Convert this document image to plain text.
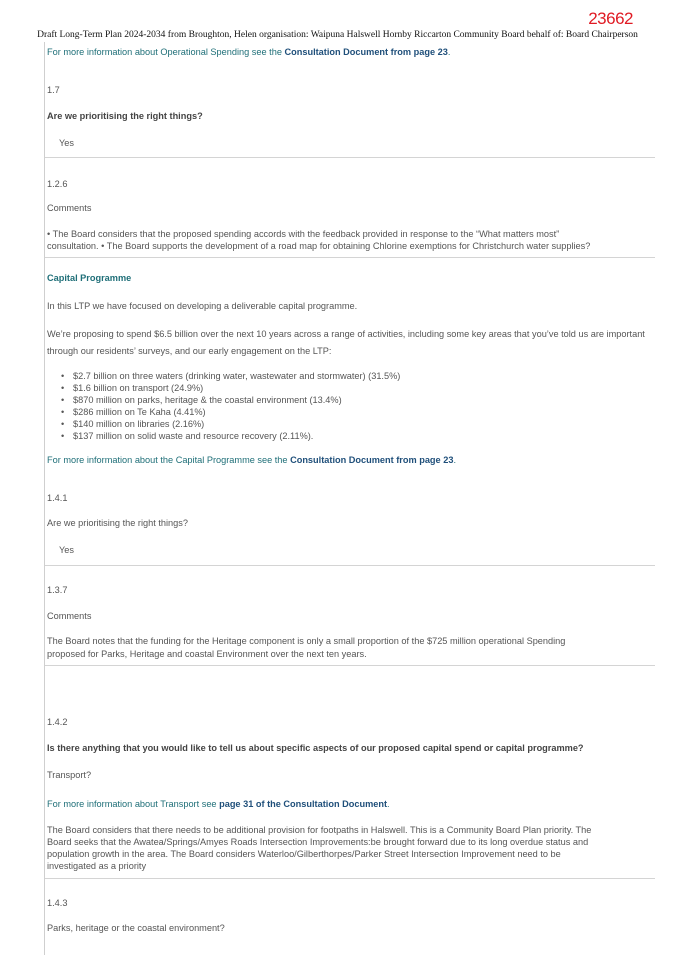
23662
Draft Long-Term Plan 2024-2034 from Broughton, Helen organisation: Waipuna Halswell Hornby Riccarton Community Board behalf of: Board Chairperson
For more information about Operational Spending see the Consultation Document from page 23.
1.7
Are we prioritising the right things?
Yes
1.2.6
Comments
• The Board considers that the proposed spending accords with the feedback provided in response to the “What matters most”
consultation. • The Board supports the development of a road map for obtaining Chlorine exemptions for Christchurch water supplies?
Capital Programme
In this LTP we have focused on developing a deliverable capital programme.
We’re proposing to spend $6.5 billion over the next 10 years across a range of activities, including some key areas that you’ve told us are important
through our residents’ surveys, and our early engagement on the LTP:
• $2.7 billion on three waters (drinking water, wastewater and stormwater) (31.5%)
• $1.6 billion on transport (24.9%)
• $870 million on parks, heritage & the coastal environment (13.4%)
• $286 million on Te Kaha (4.41%)
• $140 million on libraries (2.16%)
• $137 million on solid waste and resource recovery (2.11%).
For more information about the Capital Programme see the Consultation Document from page 23.
1.4.1
Are we prioritising the right things?
Yes
1.3.7
Comments
The Board notes that the funding for the Heritage component is only a small proportion of the $725 million operational Spending
proposed for Parks, Heritage and coastal Environment over the next ten years.
1.4.2
Is there anything that you would like to tell us about specific aspects of our proposed capital spend or capital programme?
Transport?
For more information about Transport see page 31 of the Consultation Document.
The Board considers that there needs to be additional provision for footpaths in Halswell. This is a Community Board Plan priority. The
Board seeks that the Awatea/Springs/Amyes Roads Intersection Improvements:be brought forward due to its long overdue status and
population growth in the area. The Board considers Waterloo/Gilberthorpes/Parker Street Intersection Improvement need to be
investigated as a priority
1.4.3
Parks, heritage or the coastal environment?
